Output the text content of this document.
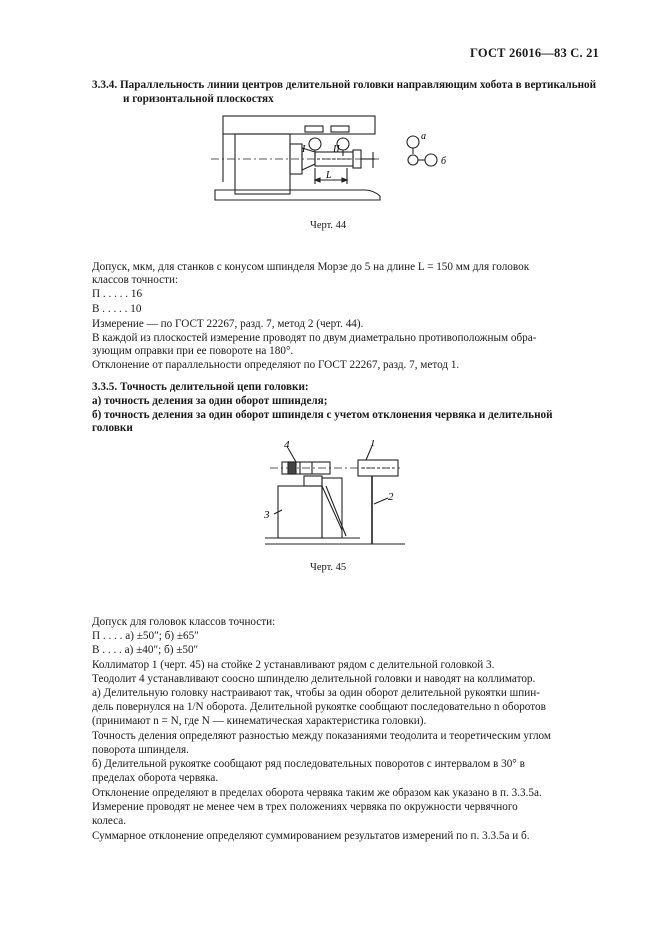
ГОСТ 26016—83 С. 21
3.3.4. Параллельность линии центров делительной головки направляющим хобота в вертикальной
и горизонтальной плоскостях
I	II
L
а
б
Черт. 44
Допуск, мкм, для станков с конусом шпинделя Морзе до 5 на длине L = 150 мм для головок
классов точности:
П . . . . . 16
В . . . . . 10
Измерение — по ГОСТ 22267, разд. 7, метод 2 (черт. 44).
В каждой из плоскостей измерение проводят по двум диаметрально противоположным обра-
зующим оправки при ее повороте на 180°.
Отклонение от параллельности определяют по ГОСТ 22267, разд. 7, метод 1.
3.3.5. Точность делительной цепи головки:
а) точность деления за один оборот шпинделя;
б) точность деления за один оборот шпинделя с учетом отклонения червяка и делительной
головки
4	1
2
3
Черт. 45
Допуск для головок классов точности:
П . . . . а) ±50″; б) ±65″
В . . . . а) ±40″; б) ±50″
Коллиматор 1 (черт. 45) на стойке 2 устанавливают рядом с делительной головкой 3.
Теодолит 4 устанавливают соосно шпинделю делительной головки и наводят на коллиматор.
а) Делительную головку настраивают так, чтобы за один оборот делительной рукоятки шпин-
дель повернулся на 1/N оборота. Делительной рукоятке сообщают последовательно n оборотов
(принимают n = N, где N — кинематическая характеристика головки).
Точность деления определяют разностью между показаниями теодолита и теоретическим углом
поворота шпинделя.
б) Делительной рукоятке сообщают ряд последовательных поворотов с интервалом в 30° в
пределах оборота червяка.
Отклонение определяют в пределах оборота червяка таким же образом как указано в п. 3.3.5а.
Измерение проводят не менее чем в трех положениях червяка по окружности червячного
колеса.
Суммарное отклонение определяют суммированием результатов измерений по п. 3.3.5а и б.
